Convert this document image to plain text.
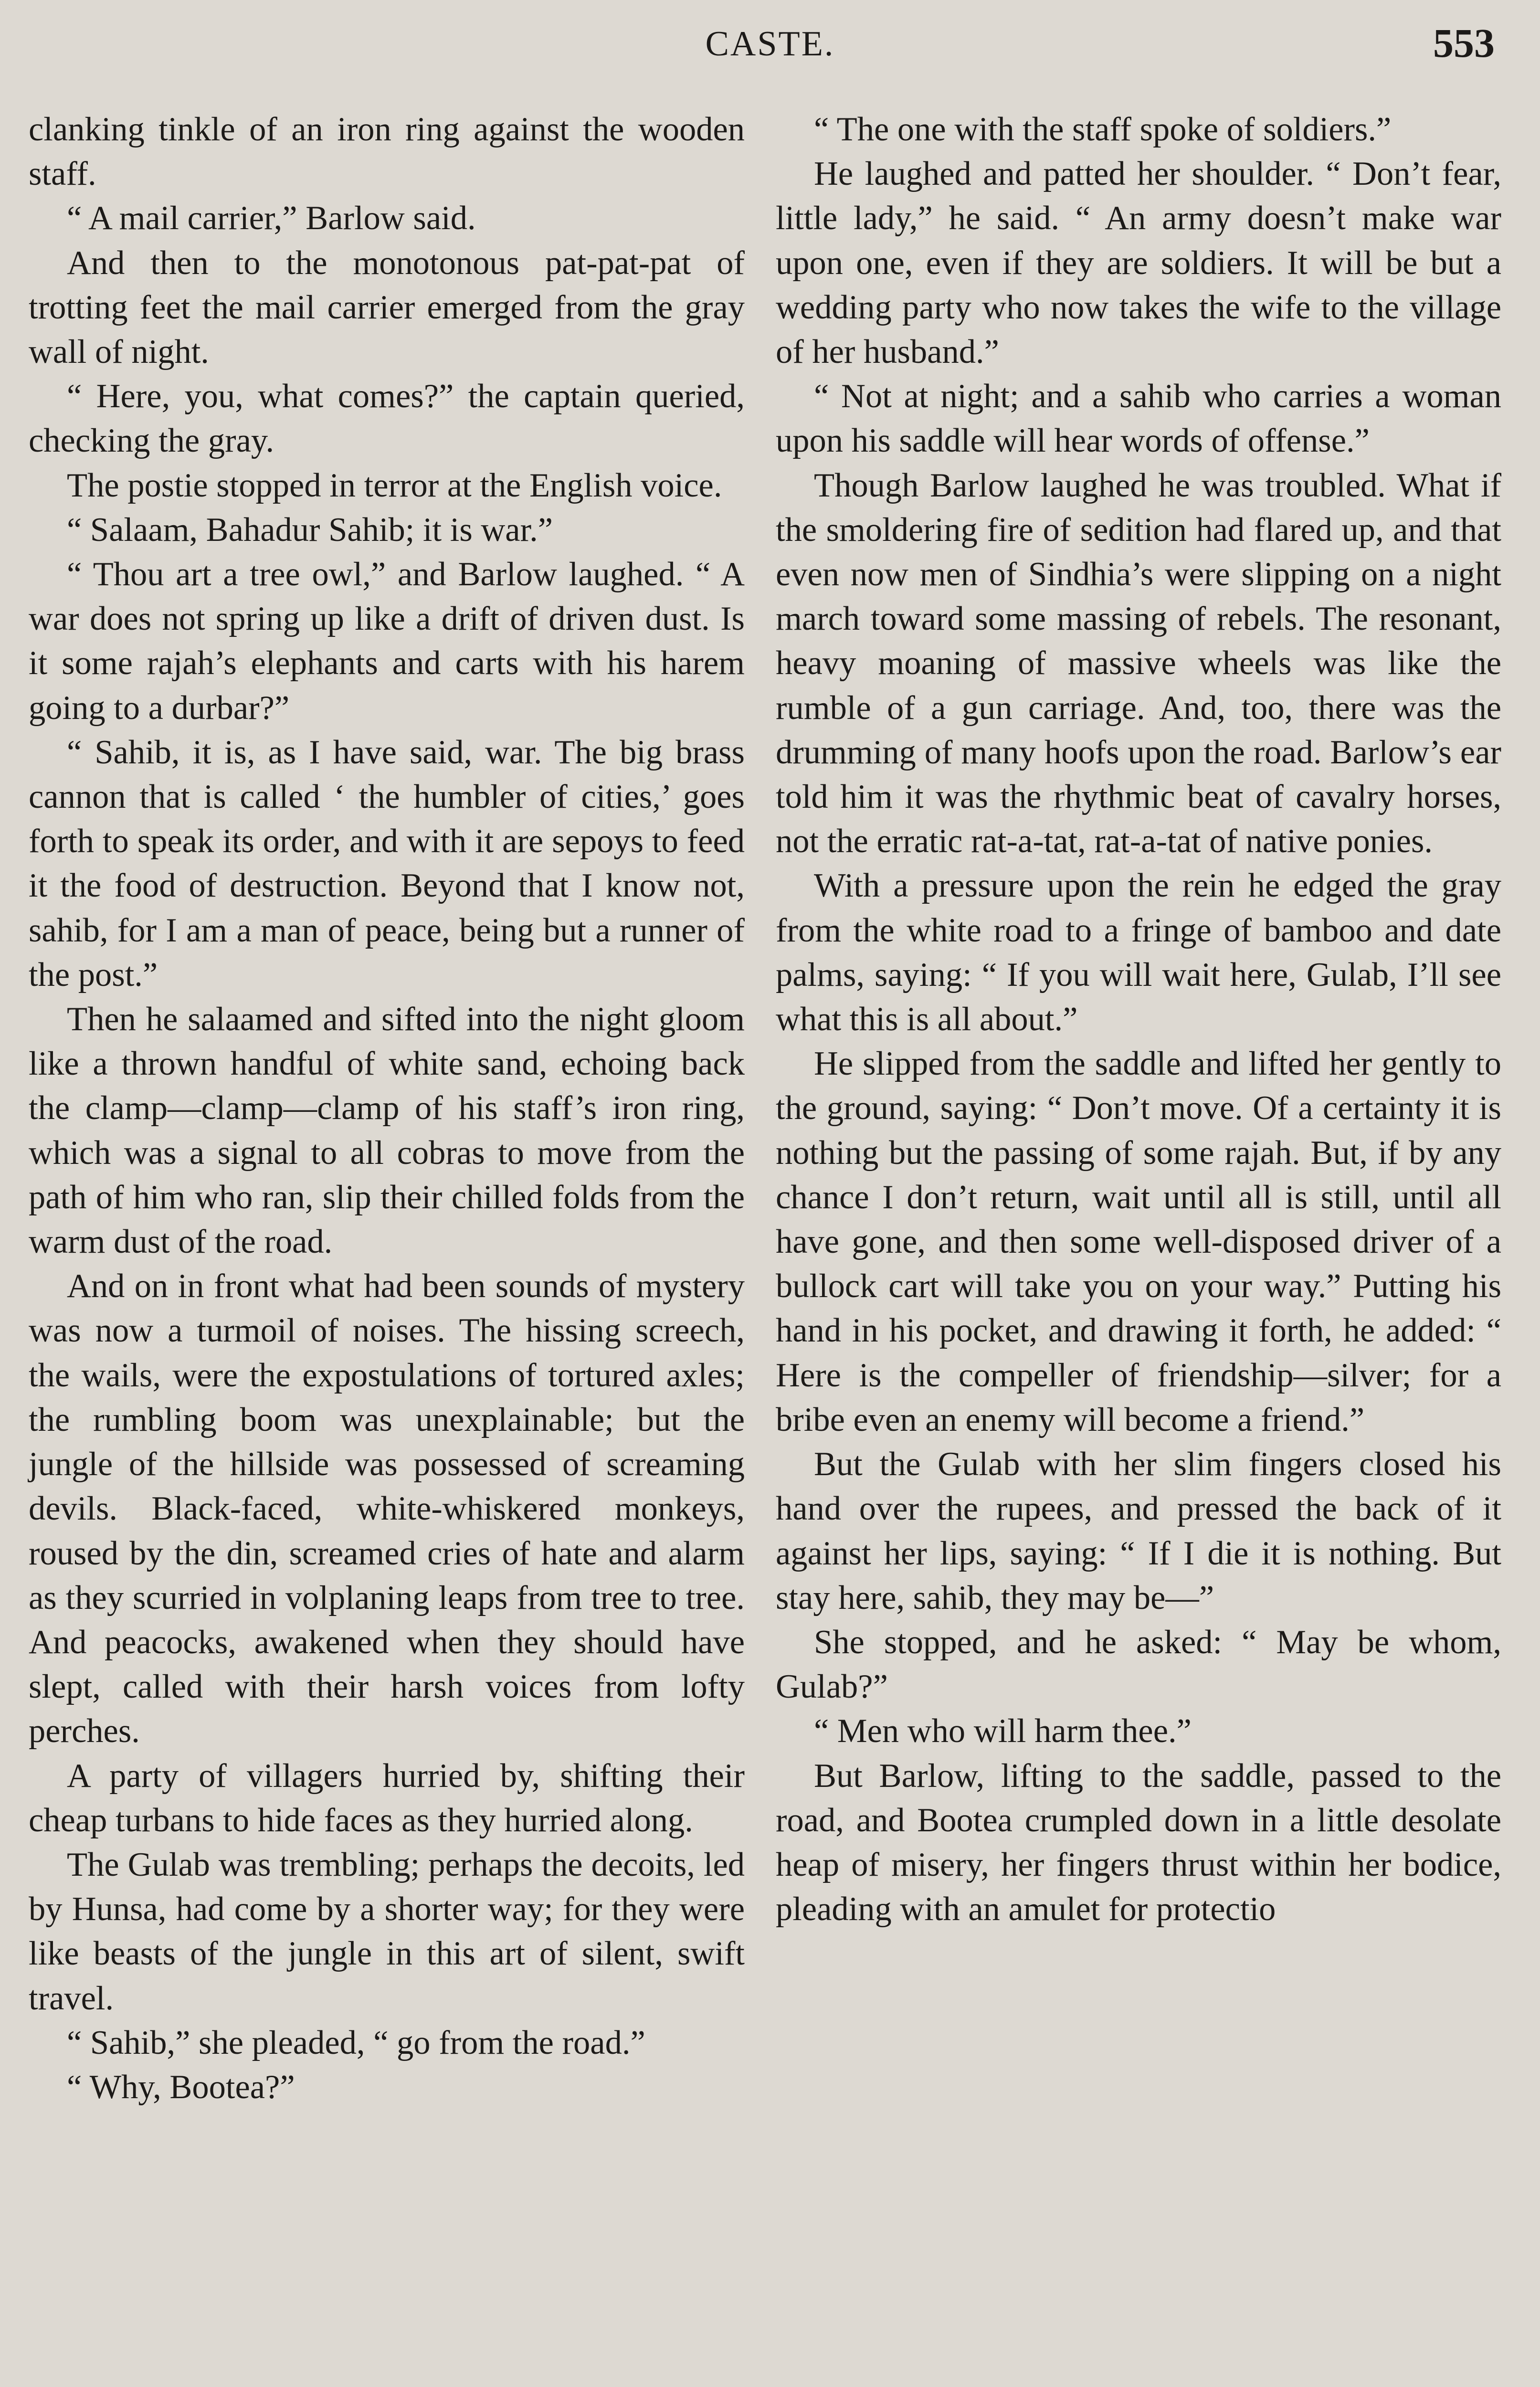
CASTE.	553

clanking tinkle of an iron ring against the wooden staff.

“ A mail carrier,” Barlow said.

And then to the monotonous pat-pat-pat of trotting feet the mail carrier emerged from the gray wall of night.

“ Here, you, what comes?” the captain queried, checking the gray.

The postie stopped in terror at the English voice.

“ Salaam, Bahadur Sahib; it is war.”

“ Thou art a tree owl,” and Barlow laughed. “ A war does not spring up like a drift of driven dust. Is it some rajah’s elephants and carts with his harem going to a durbar?”

“ Sahib, it is, as I have said, war. The big brass cannon that is called ‘ the humbler of cities,’ goes forth to speak its order, and with it are sepoys to feed it the food of destruction. Beyond that I know not, sahib, for I am a man of peace, being but a runner of the post.”

Then he salaamed and sifted into the night gloom like a thrown handful of white sand, echoing back the clamp—clamp—clamp of his staff’s iron ring, which was a signal to all cobras to move from the path of him who ran, slip their chilled folds from the warm dust of the road.

And on in front what had been sounds of mystery was now a turmoil of noises. The hissing screech, the wails, were the expostulations of tortured axles; the rumbling boom was unexplainable; but the jungle of the hillside was possessed of screaming devils. Black-faced, white-whiskered monkeys, roused by the din, screamed cries of hate and alarm as they scurried in volplaning leaps from tree to tree. And peacocks, awakened when they should have slept, called with their harsh voices from lofty perches.

A party of villagers hurried by, shifting their cheap turbans to hide faces as they hurried along.

The Gulab was trembling; perhaps the decoits, led by Hunsa, had come by a shorter way; for they were like beasts of the jungle in this art of silent, swift travel.

“ Sahib,” she pleaded, “ go from the road.”

“ Why, Bootea?”

“ The one with the staff spoke of soldiers.”

He laughed and patted her shoulder. “ Don’t fear, little lady,” he said. “ An army doesn’t make war upon one, even if they are soldiers. It will be but a wedding party who now takes the wife to the village of her husband.”

“ Not at night; and a sahib who carries a woman upon his saddle will hear words of offense.”

Though Barlow laughed he was troubled. What if the smoldering fire of sedition had flared up, and that even now men of Sindhia’s were slipping on a night march toward some massing of rebels. The resonant, heavy moaning of massive wheels was like the rumble of a gun carriage. And, too, there was the drumming of many hoofs upon the road. Barlow’s ear told him it was the rhythmic beat of cavalry horses, not the erratic rat-a-tat, rat-a-tat of native ponies.

With a pressure upon the rein he edged the gray from the white road to a fringe of bamboo and date palms, saying: “ If you will wait here, Gulab, I’ll see what this is all about.”

He slipped from the saddle and lifted her gently to the ground, saying: “ Don’t move. Of a certainty it is nothing but the passing of some rajah. But, if by any chance I don’t return, wait until all is still, until all have gone, and then some well-disposed driver of a bullock cart will take you on your way.” Putting his hand in his pocket, and drawing it forth, he added: “ Here is the compeller of friendship—silver; for a bribe even an enemy will become a friend.”

But the Gulab with her slim fingers closed his hand over the rupees, and pressed the back of it against her lips, saying: “ If I die it is nothing. But stay here, sahib, they may be—”

She stopped, and he asked: “ May be whom, Gulab?”

“ Men who will harm thee.”

But Barlow, lifting to the saddle, passed to the road, and Bootea crumpled down in a little desolate heap of misery, her fingers thrust within her bodice, pleading with an amulet for protectio
